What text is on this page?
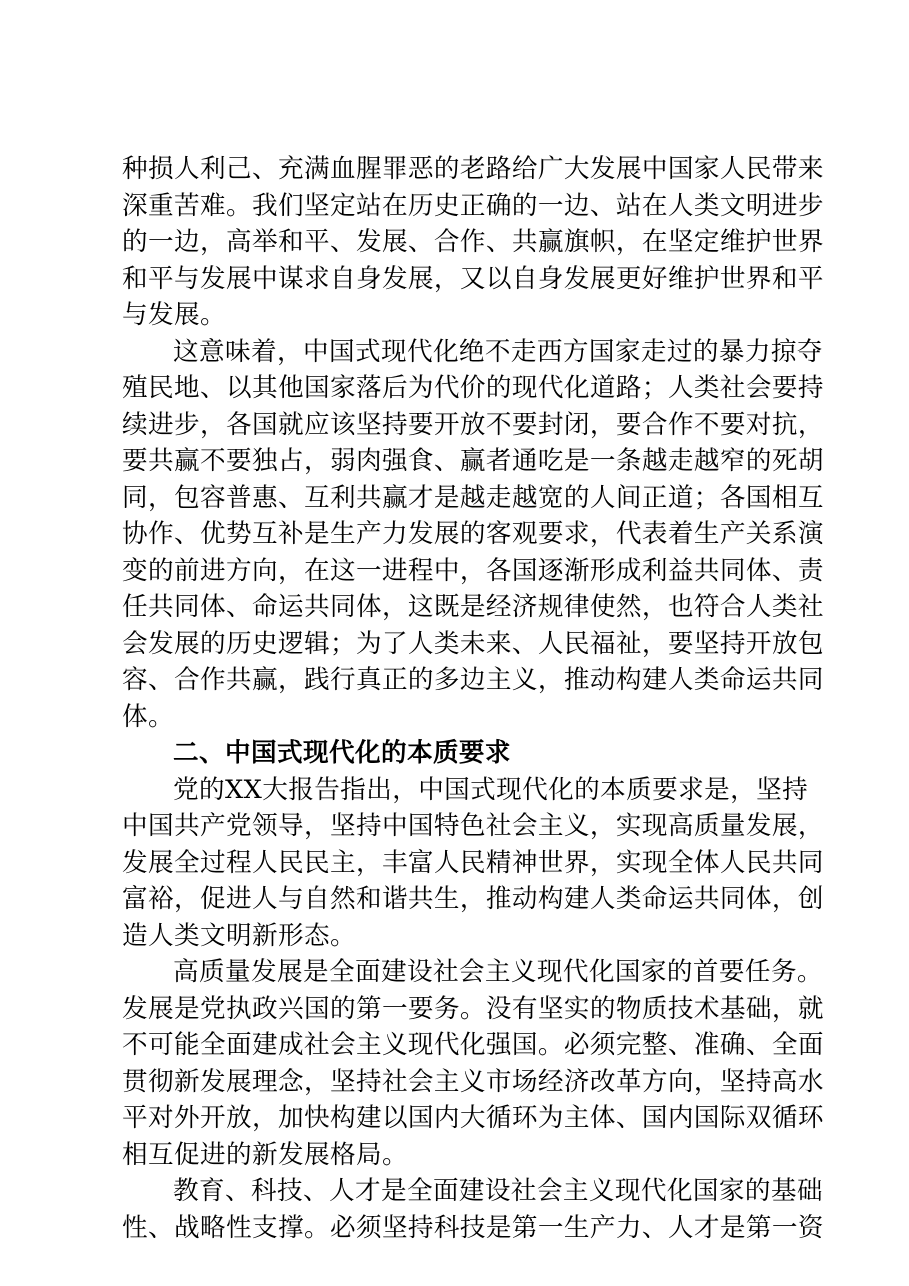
种损人利己、充满血腥罪恶的老路给广大发展中国家人民带来
深重苦难。我们坚定站在历史正确的一边、站在人类文明进步
的一边，高举和平、发展、合作、共赢旗帜，在坚定维护世界
和平与发展中谋求自身发展，又以自身发展更好维护世界和平
与发展。
这意味着，中国式现代化绝不走西方国家走过的暴力掠夺
殖民地、以其他国家落后为代价的现代化道路；人类社会要持
续进步，各国就应该坚持要开放不要封闭，要合作不要对抗，
要共赢不要独占，弱肉强食、赢者通吃是一条越走越窄的死胡
同，包容普惠、互利共赢才是越走越宽的人间正道；各国相互
协作、优势互补是生产力发展的客观要求，代表着生产关系演
变的前进方向，在这一进程中，各国逐渐形成利益共同体、责
任共同体、命运共同体，这既是经济规律使然，也符合人类社
会发展的历史逻辑；为了人类未来、人民福祉，要坚持开放包
容、合作共赢，践行真正的多边主义，推动构建人类命运共同
体。
二、中国式现代化的本质要求
党的XX大报告指出，中国式现代化的本质要求是，坚持
中国共产党领导，坚持中国特色社会主义，实现高质量发展，
发展全过程人民民主，丰富人民精神世界，实现全体人民共同
富裕，促进人与自然和谐共生，推动构建人类命运共同体，创
造人类文明新形态。
高质量发展是全面建设社会主义现代化国家的首要任务。
发展是党执政兴国的第一要务。没有坚实的物质技术基础，就
不可能全面建成社会主义现代化强国。必须完整、准确、全面
贯彻新发展理念，坚持社会主义市场经济改革方向，坚持高水
平对外开放，加快构建以国内大循环为主体、国内国际双循环
相互促进的新发展格局。
教育、科技、人才是全面建设社会主义现代化国家的基础
性、战略性支撑。必须坚持科技是第一生产力、人才是第一资
